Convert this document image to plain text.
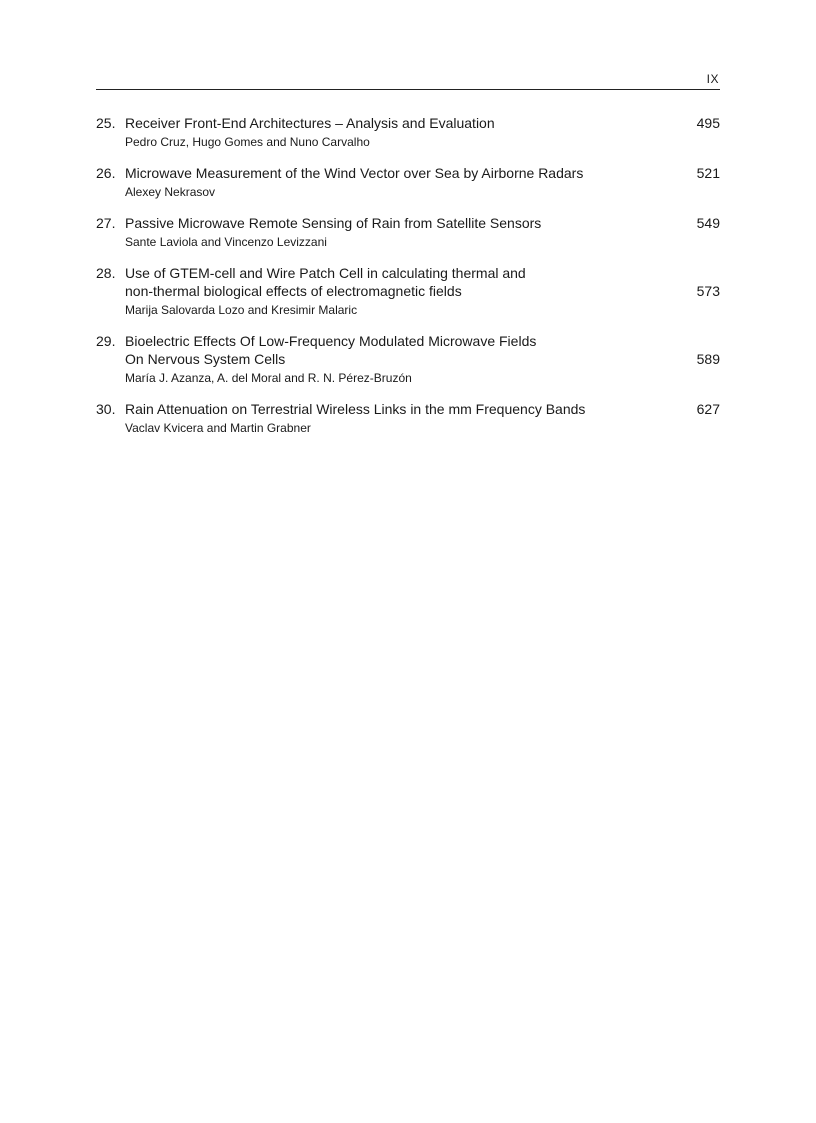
IX
25. Receiver Front-End Architectures – Analysis and Evaluation
Pedro Cruz, Hugo Gomes and Nuno Carvalho
495
26. Microwave Measurement of the Wind Vector over Sea by Airborne Radars
Alexey Nekrasov
521
27. Passive Microwave Remote Sensing of Rain from Satellite Sensors
Sante Laviola and Vincenzo Levizzani
549
28. Use of GTEM-cell and Wire Patch Cell in calculating thermal and
non-thermal biological effects of electromagnetic fields
Marija Salovarda Lozo and Kresimir Malaric
573
29. Bioelectric Effects Of Low-Frequency Modulated Microwave Fields
On Nervous System Cells
María J. Azanza, A. del Moral and R. N. Pérez-Bruzón
589
30. Rain Attenuation on Terrestrial Wireless Links in the mm Frequency Bands
Vaclav Kvicera and Martin Grabner
627
